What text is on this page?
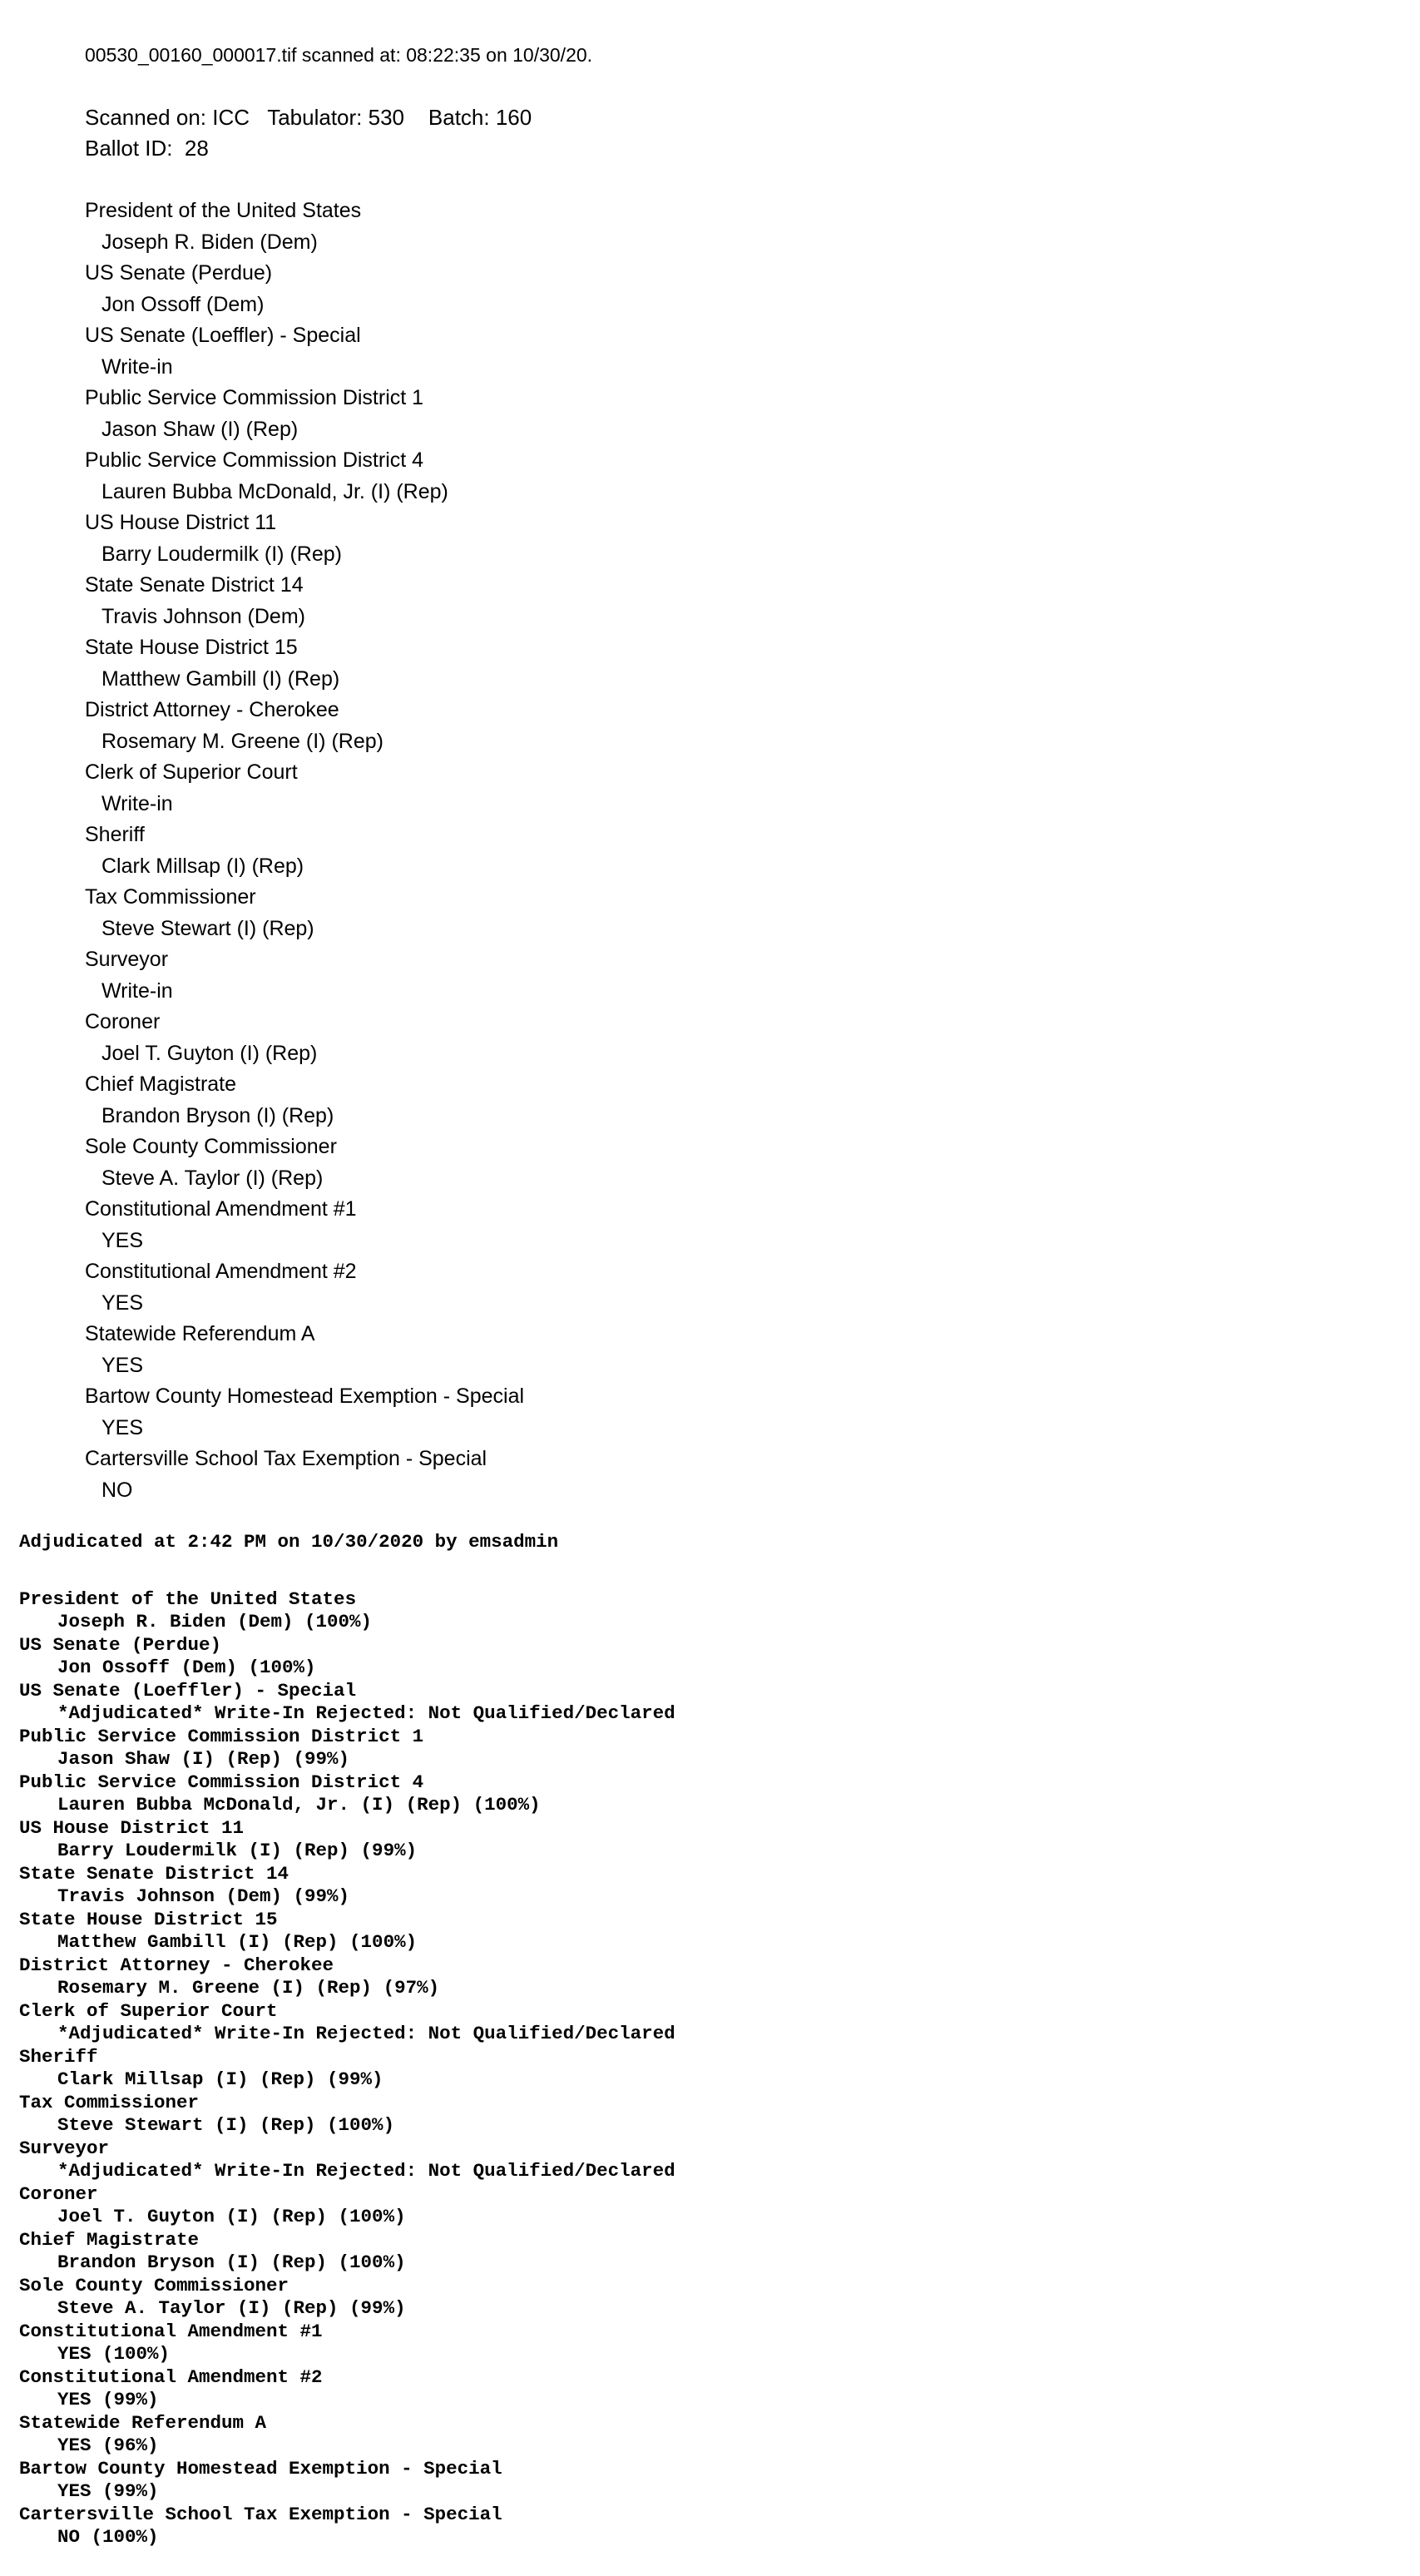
00530_00160_000017.tif scanned at: 08:22:35 on 10/30/20.
Scanned on: ICC   Tabulator: 530    Batch: 160
Ballot ID:  28
President of the United States
Joseph R. Biden (Dem)
US Senate (Perdue)
Jon Ossoff (Dem)
US Senate (Loeffler) - Special
Write-in
Public Service Commission District 1
Jason Shaw (I) (Rep)
Public Service Commission District 4
Lauren Bubba McDonald, Jr. (I) (Rep)
US House District 11
Barry Loudermilk (I) (Rep)
State Senate District 14
Travis Johnson (Dem)
State House District 15
Matthew Gambill (I) (Rep)
District Attorney - Cherokee
Rosemary M. Greene (I) (Rep)
Clerk of Superior Court
Write-in
Sheriff
Clark Millsap (I) (Rep)
Tax Commissioner
Steve Stewart (I) (Rep)
Surveyor
Write-in
Coroner
Joel T. Guyton (I) (Rep)
Chief Magistrate
Brandon Bryson (I) (Rep)
Sole County Commissioner
Steve A. Taylor (I) (Rep)
Constitutional Amendment #1
YES
Constitutional Amendment #2
YES
Statewide Referendum A
YES
Bartow County Homestead Exemption - Special
YES
Cartersville School Tax Exemption - Special
NO
Adjudicated at 2:42 PM on 10/30/2020 by emsadmin
President of the United States
Joseph R. Biden (Dem) (100%)
US Senate (Perdue)
Jon Ossoff (Dem) (100%)
US Senate (Loeffler) - Special
*Adjudicated* Write-In Rejected: Not Qualified/Declared
Public Service Commission District 1
Jason Shaw (I) (Rep) (99%)
Public Service Commission District 4
Lauren Bubba McDonald, Jr. (I) (Rep) (100%)
US House District 11
Barry Loudermilk (I) (Rep) (99%)
State Senate District 14
Travis Johnson (Dem) (99%)
State House District 15
Matthew Gambill (I) (Rep) (100%)
District Attorney - Cherokee
Rosemary M. Greene (I) (Rep) (97%)
Clerk of Superior Court
*Adjudicated* Write-In Rejected: Not Qualified/Declared
Sheriff
Clark Millsap (I) (Rep) (99%)
Tax Commissioner
Steve Stewart (I) (Rep) (100%)
Surveyor
*Adjudicated* Write-In Rejected: Not Qualified/Declared
Coroner
Joel T. Guyton (I) (Rep) (100%)
Chief Magistrate
Brandon Bryson (I) (Rep) (100%)
Sole County Commissioner
Steve A. Taylor (I) (Rep) (99%)
Constitutional Amendment #1
YES (100%)
Constitutional Amendment #2
YES (99%)
Statewide Referendum A
YES (96%)
Bartow County Homestead Exemption - Special
YES (99%)
Cartersville School Tax Exemption - Special
NO (100%)
